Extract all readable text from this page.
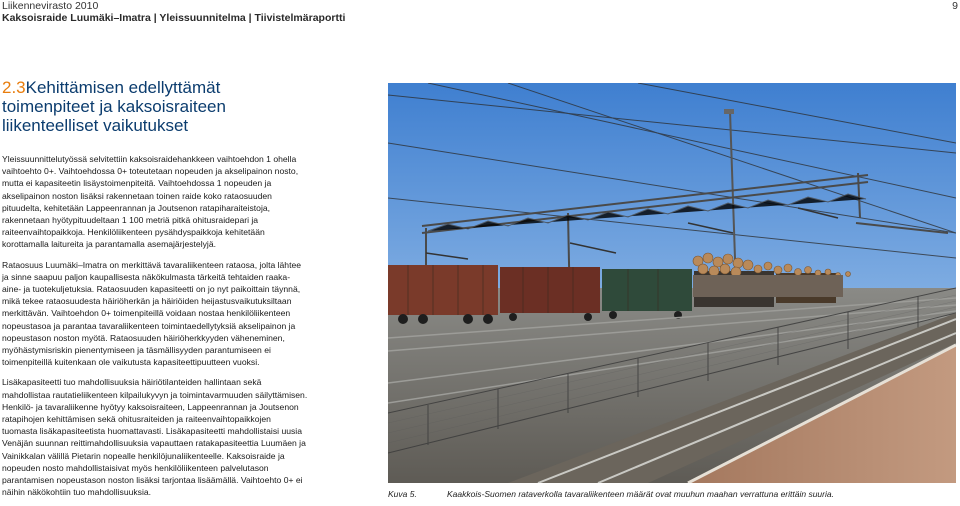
Liikennevirasto 2010
Kaksoisraide Luumäki–Imatra | Yleissuunnitelma | Tiivistelmäraportti
9
2.3Kehittämisen edellyttämät toimenpiteet ja kaksoisraiteen liikenteelliset vaikutukset

Yleissuunnittelutyössä selvitettiin kaksoisraidehankkeen vaihtoehdon 1 ohella vaihtoehto 0+. Vaihtoehdossa 0+ toteutetaan nopeuden ja akselipainon nosto, mutta ei kapasiteetin lisäystoimenpiteitä. Vaihtoehdossa 1 nopeuden ja akselipainon noston lisäksi rakennetaan toinen raide koko rataosuuden pituudelta, kehitetään Lappeenrannan ja Joutsenon ratapiharaiteistoja, rakennetaan hyötypituudeltaan 1 100 metriä pitkä ohitusraidepari ja raiteenvaihtopaikkoja. Henkilöliikenteen pysähdyspaikkoja kehitetään korottamalla laitureita ja parantamalla asemajärjestelyjä.

Rataosuus Luumäki–Imatra on merkittävä tavaraliikenteen rataosa, jolta lähtee ja sinne saapuu paljon kaupallisesta näkökulmasta tärkeitä tehtaiden raaka-aine- ja tuotekuljetuksia. Rataosuuden kapasiteetti on jo nyt paikoittain täynnä, mikä tekee rataosuudesta häiriöherkän ja häiriöiden heijastusvaikutuksiltaan merkittävän. Vaihtoehdon 0+ toimenpiteillä voidaan nostaa henkilöliikenteen nopeustasoa ja parantaa tavaraliikenteen toimintaedellytyksiä akselipainon ja nopeustason noston myötä. Rataosuuden häiriöherkkyyden väheneminen, myöhästymisriskin pienentymiseen ja täsmällisyyden parantumiseen ei toimenpiteillä kuitenkaan ole vaikutusta kapasiteettipuutteen vuoksi.

Lisäkapasiteetti tuo mahdollisuuksia häiriötilanteiden hallintaan sekä mahdollistaa rautatieliikenteen kilpailukyvyn ja toimintavarmuuden säilyttämisen. Henkilö- ja tavaraliikenne hyötyy kaksoisraiteen, Lappeenrannan ja Joutsenon ratapihojen kehittämisen sekä ohitusraiteiden ja raiteenvaihtopaikkojen tuomasta lisäkapasiteetista huomattavasti. Lisäkapasiteetti mahdollistaisi uusia Venäjän suunnan reittimahdollisuuksia vapauttaen ratakapasiteettia Luumäen ja Vainikkalan välillä Pietarin nopealle henkilöjunaliikenteelle. Kaksoisraide ja nopeuden nosto mahdollistaisivat myös henkilöliikenteen palvelutason parantamisen nopeustason noston lisäksi tarjontaa lisäämällä. Vaihtoehto 0+ ei näihin näkökohtiin tuo mahdollisuuksia.	Kuva 5.	Kaakkois-Suomen rataverkolla tavaraliikenteen määrät ovat muuhun maahan verrattuna erittäin suuria.
